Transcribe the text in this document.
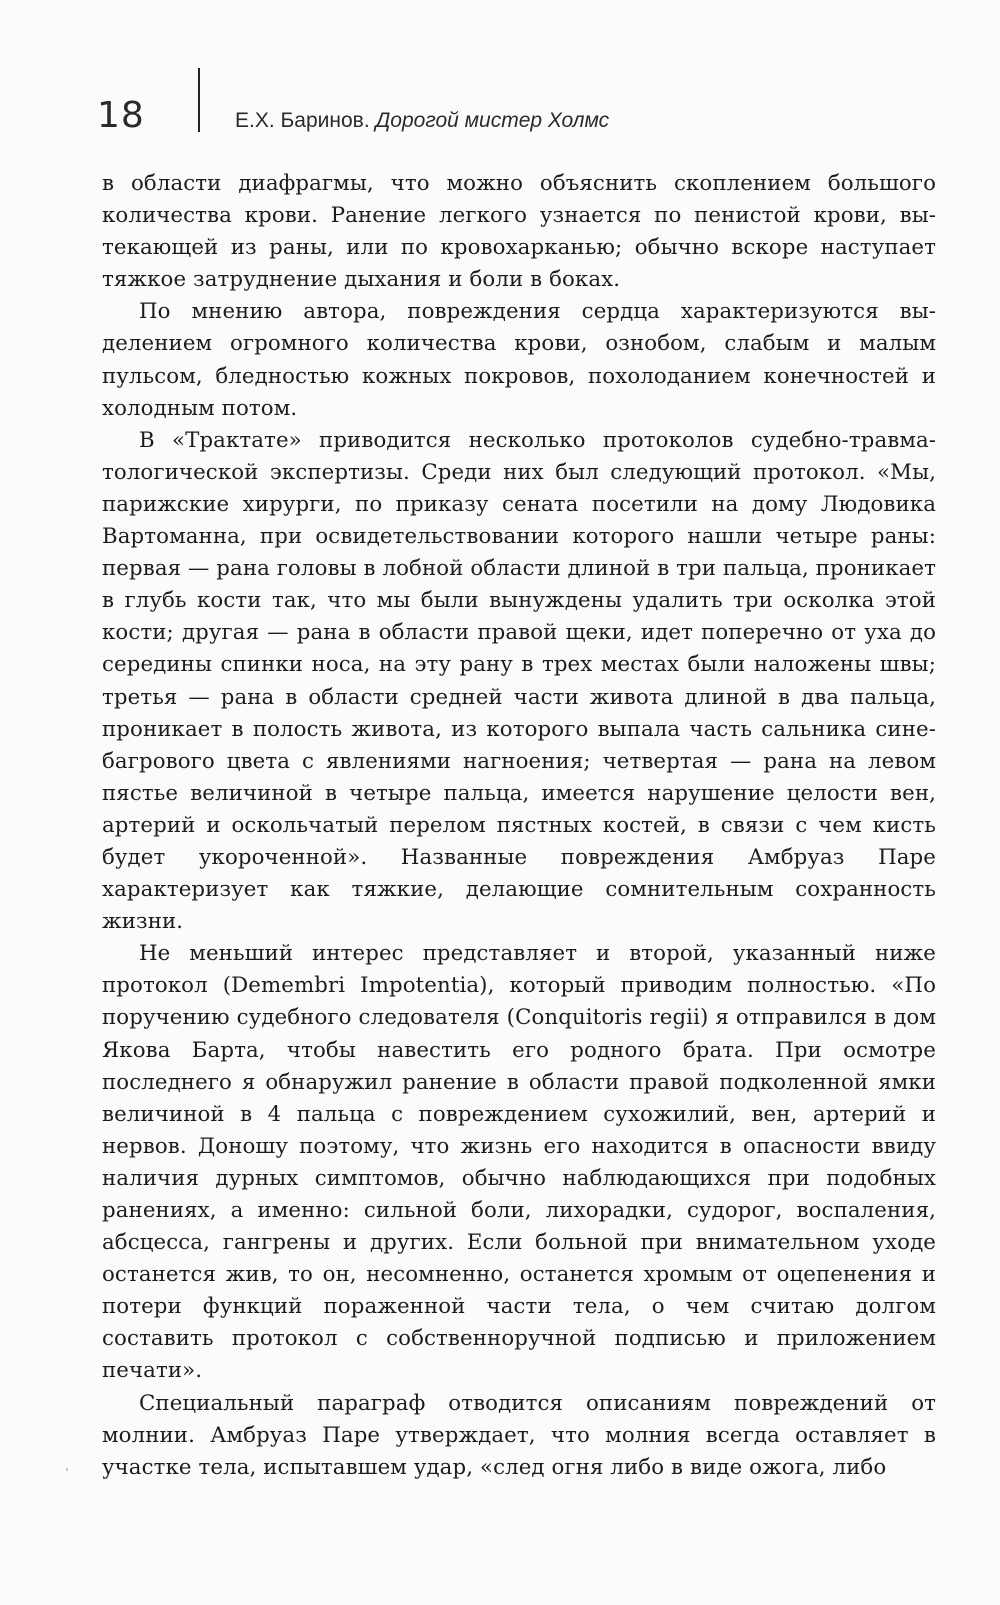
18	Е.Х. Баринов. Дорогой мистер Холмс

в области диафрагмы, что можно объяснить скоплением большого количества крови. Ранение легкого узнается по пенистой крови, вытекающей из раны, или по кровохарканью; обычно вскоре наступает тяжкое затруднение дыхания и боли в боках.

По мнению автора, повреждения сердца характеризуются выделением огромного количества крови, ознобом, слабым и малым пульсом, бледностью кожных покровов, похолоданием конечностей и холодным потом.

В «Трактате» приводится несколько протоколов судебно-травматологической экспертизы. Среди них был следующий протокол. «Мы, парижские хирурги, по приказу сената посетили на дому Людовика Вартоманна, при освидетельствовании которого нашли четыре раны: первая — рана головы в лобной области длиной в три пальца, проникает в глубь кости так, что мы были вынуждены удалить три осколка этой кости; другая — рана в области правой щеки, идет поперечно от уха до середины спинки носа, на эту рану в трех местах были наложены швы; третья — рана в области средней части живота длиной в два пальца, проникает в полость живота, из которого выпала часть сальника сине-багрового цвета с явлениями нагноения; четвертая — рана на левом пястье величиной в четыре пальца, имеется нарушение целости вен, артерий и оскольчатый перелом пястных костей, в связи с чем кисть будет укороченной». Названные повреждения Амбруаз Паре характеризует как тяжкие, делающие сомнительным сохранность жизни.

Не меньший интерес представляет и второй, указанный ниже протокол (Demembri Impotentia), который приводим полностью. «По поручению судебного следователя (Conquitoris regii) я отправился в дом Якова Барта, чтобы навестить его родного брата. При осмотре последнего я обнаружил ранение в области правой подколенной ямки величиной в 4 пальца с повреждением сухожилий, вен, артерий и нервов. Доношу поэтому, что жизнь его находится в опасности ввиду наличия дурных симптомов, обычно наблюдающихся при подобных ранениях, а именно: сильной боли, лихорадки, судорог, воспаления, абсцесса, гангрены и других. Если больной при внимательном уходе останется жив, то он, несомненно, останется хромым от оцепенения и потери функций пораженной части тела, о чем считаю долгом составить протокол с собственноручной подписью и приложением печати».

Специальный параграф отводится описаниям повреждений от молнии. Амбруаз Паре утверждает, что молния всегда оставляет в участке тела, испытавшем удар, «след огня либо в виде ожога, либо
